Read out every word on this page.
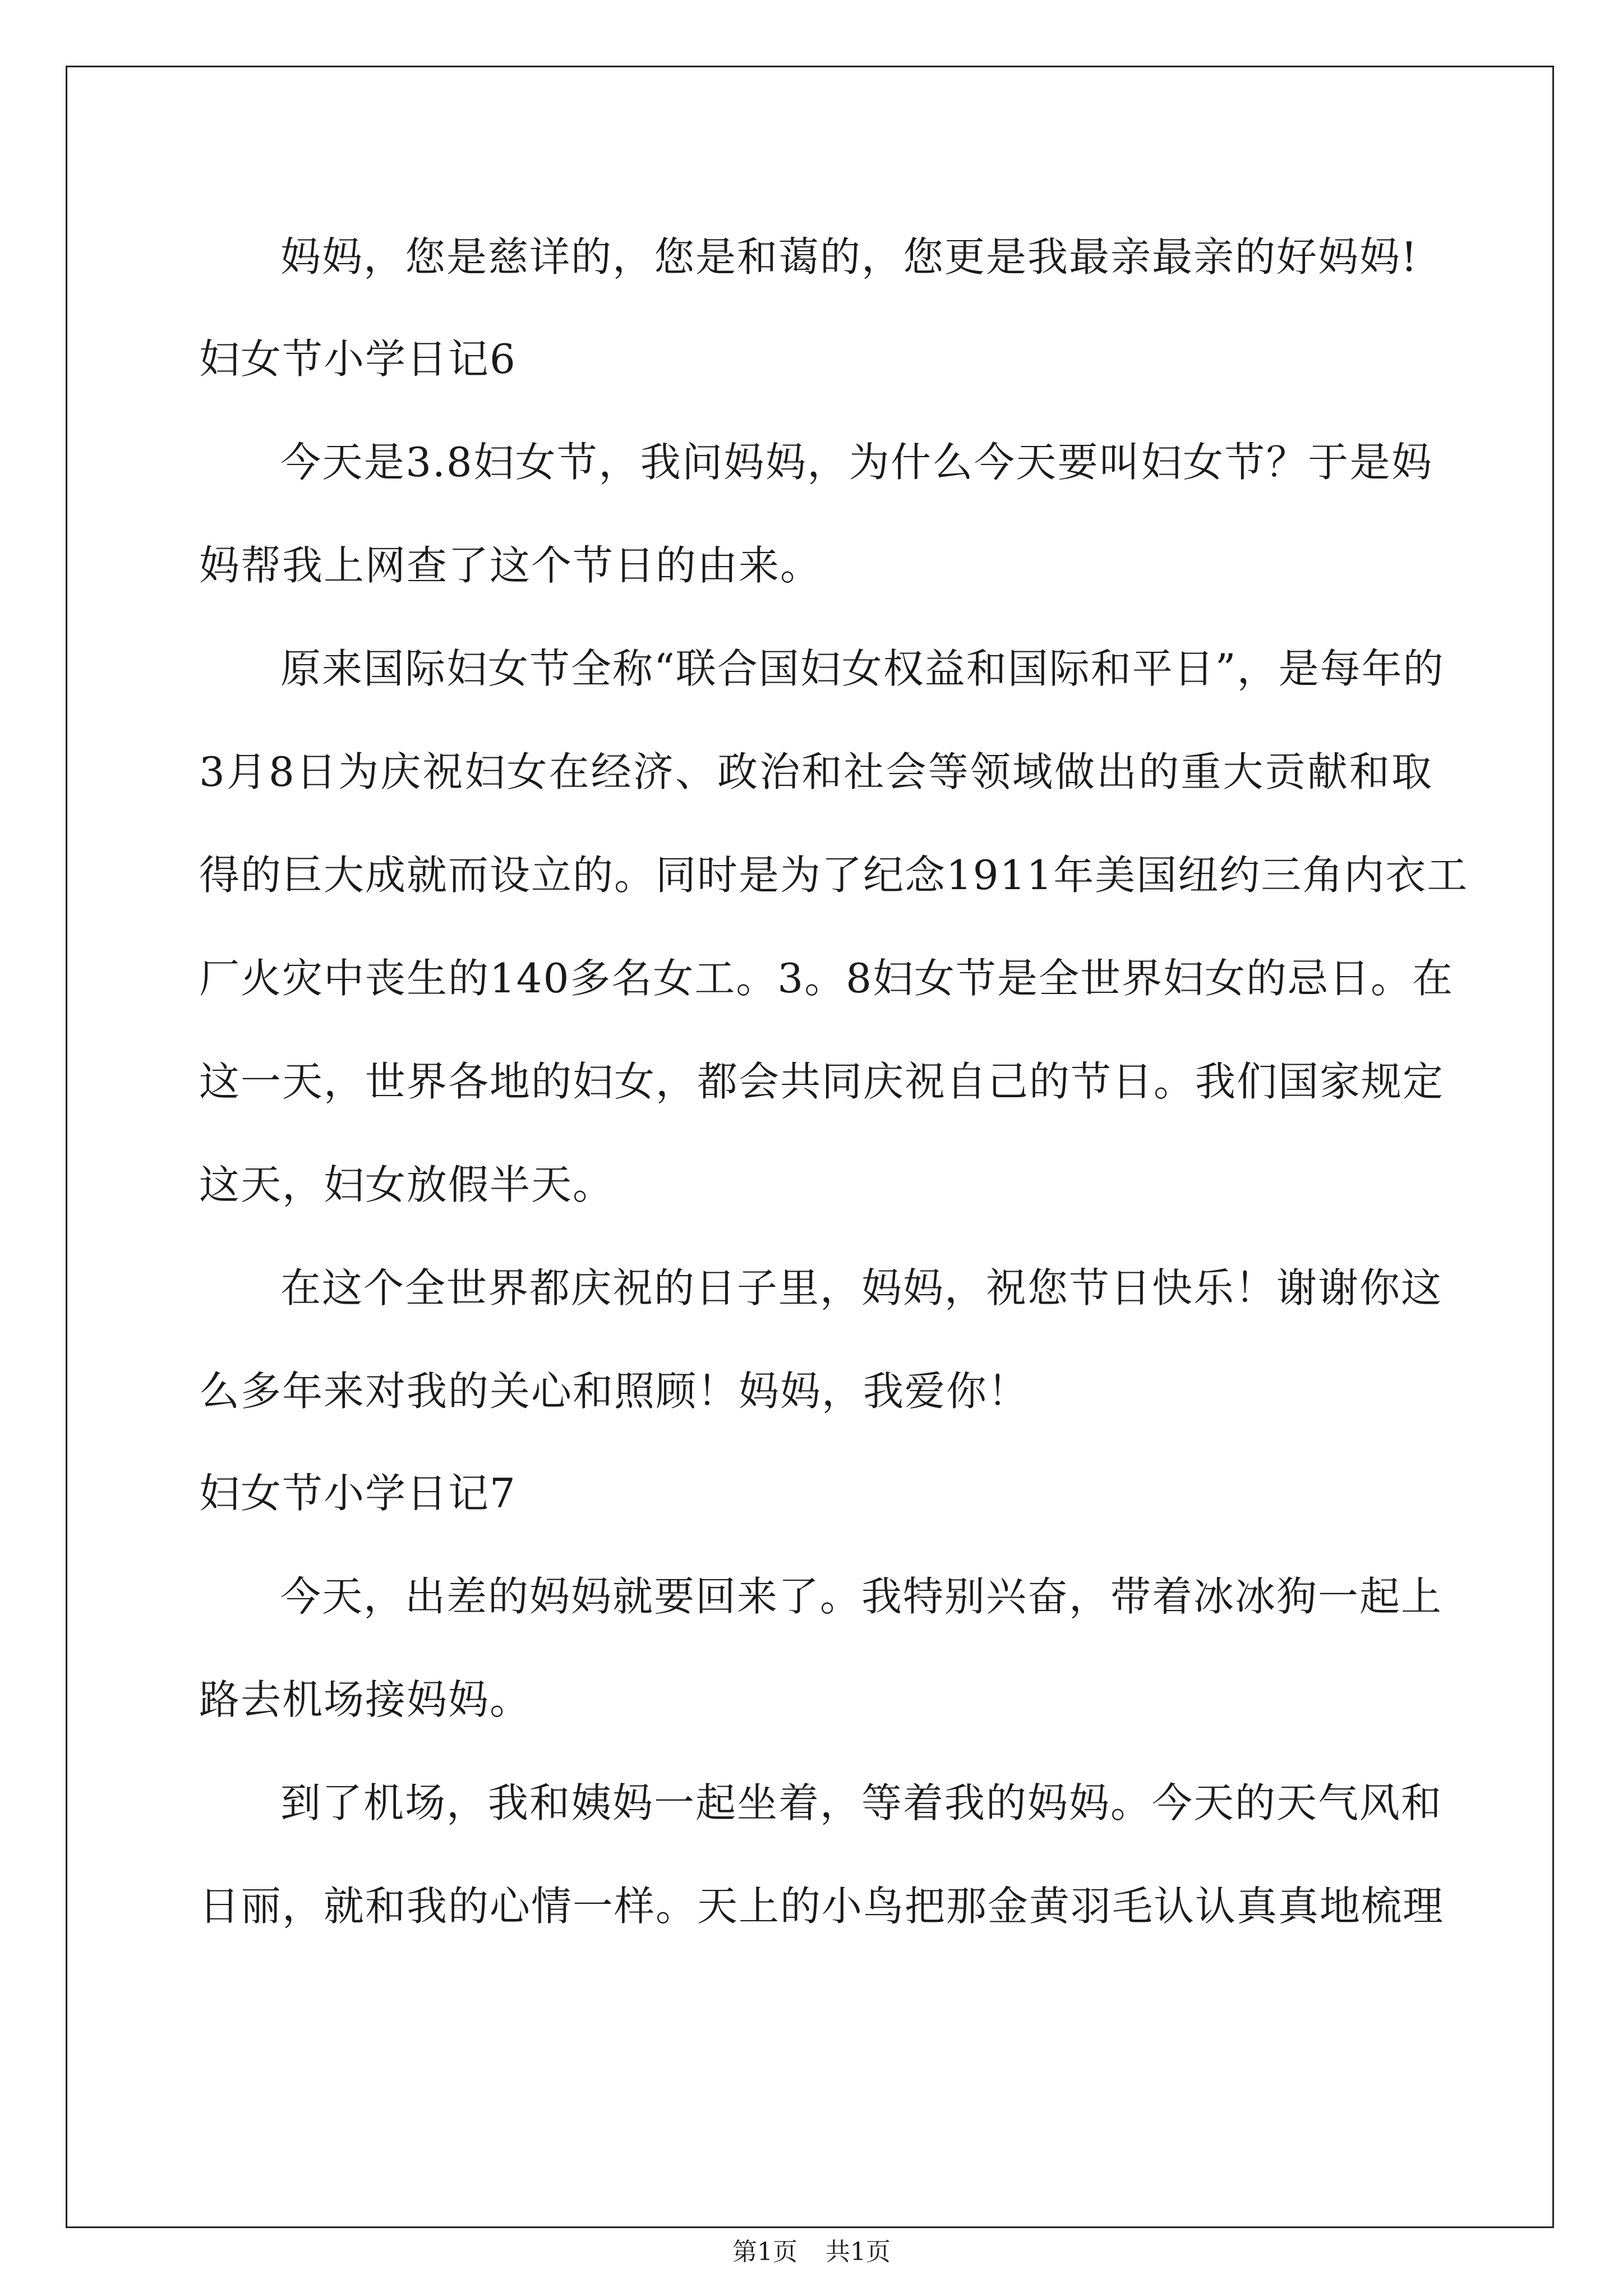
妈妈，您是慈详的，您是和蔼的，您更是我最亲最亲的好妈妈!
妇女节小学日记6
今天是3.8妇女节，我问妈妈，为什么今天要叫妇女节？于是妈
妈帮我上网查了这个节日的由来。
原来国际妇女节全称“联合国妇女权益和国际和平日”，是每年的
3月8日为庆祝妇女在经济、政治和社会等领域做出的重大贡献和取
得的巨大成就而设立的。同时是为了纪念1911年美国纽约三角内衣工
厂火灾中丧生的140多名女工。3。8妇女节是全世界妇女的忌日。在
这一天，世界各地的妇女，都会共同庆祝自己的节日。我们国家规定
这天，妇女放假半天。
在这个全世界都庆祝的日子里，妈妈，祝您节日快乐！谢谢你这
么多年来对我的关心和照顾！妈妈，我爱你！
妇女节小学日记7
今天，出差的妈妈就要回来了。我特别兴奋，带着冰冰狗一起上
路去机场接妈妈。
到了机场，我和姨妈一起坐着，等着我的妈妈。今天的天气风和
日丽，就和我的心情一样。天上的小鸟把那金黄羽毛认认真真地梳理
第1页 共1页
